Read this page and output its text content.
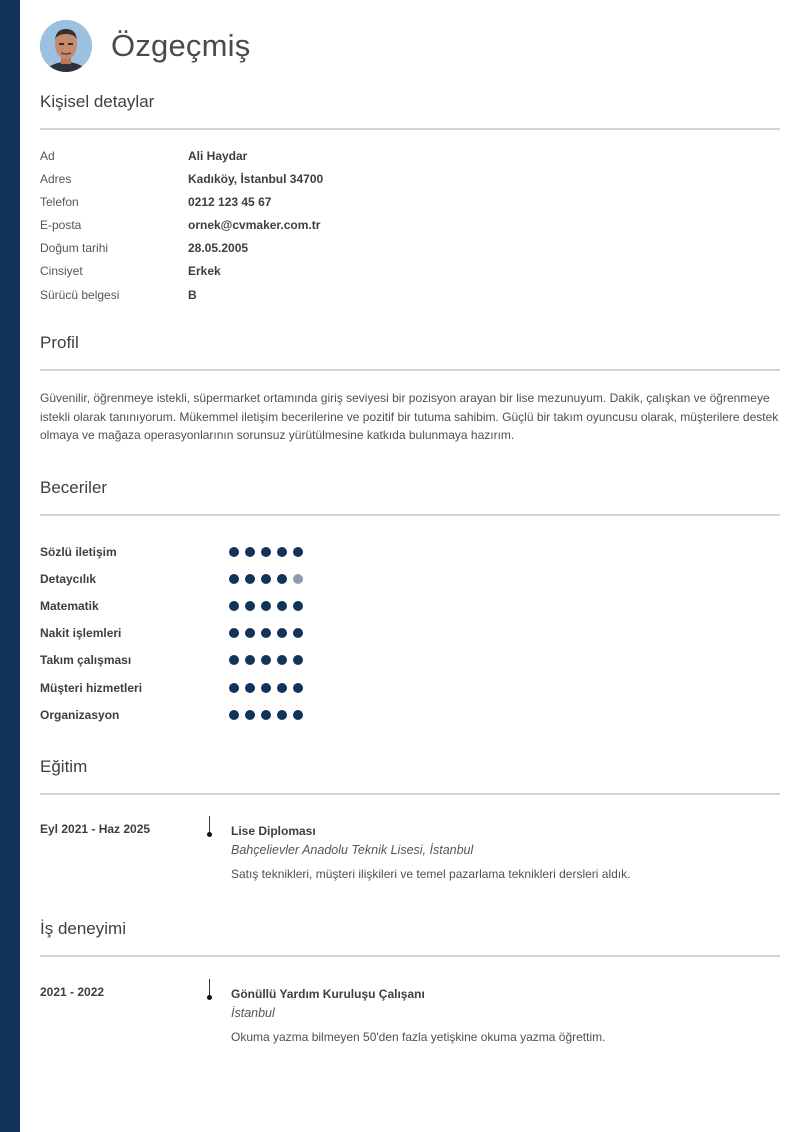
Özgeçmiş
Kişisel detaylar
Ad	Ali Haydar
Adres	Kadıköy, İstanbul 34700
Telefon	0212 123 45 67
E-posta	ornek@cvmaker.com.tr
Doğum tarihi	28.05.2005
Cinsiyet	Erkek
Sürücü belgesi	B
Profil
Güvenilir, öğrenmeye istekli, süpermarket ortamında giriş seviyesi bir pozisyon arayan bir lise mezunuyum. Dakik, çalışkan ve öğrenmeye istekli olarak tanınıyorum. Mükemmel iletişim becerilerine ve pozitif bir tutuma sahibim. Güçlü bir takım oyuncusu olarak, müşterilere destek olmaya ve mağaza operasyonlarının sorunsuz yürütülmesine katkıda bulunmaya hazırım.
Beceriler
Sözlü iletişim
Detaycılık
Matematik
Nakit işlemleri
Takım çalışması
Müşteri hizmetleri
Organizasyon
Eğitim
Eyl 2021 - Haz 2025	Lise Diploması
Bahçelievler Anadolu Teknik Lisesi, İstanbul
Satış teknikleri, müşteri ilişkileri ve temel pazarlama teknikleri dersleri aldık.
İş deneyimi
2021 - 2022	Gönüllü Yardım Kuruluşu Çalışanı
İstanbul
Okuma yazma bilmeyen 50'den fazla yetişkine okuma yazma öğrettim.
